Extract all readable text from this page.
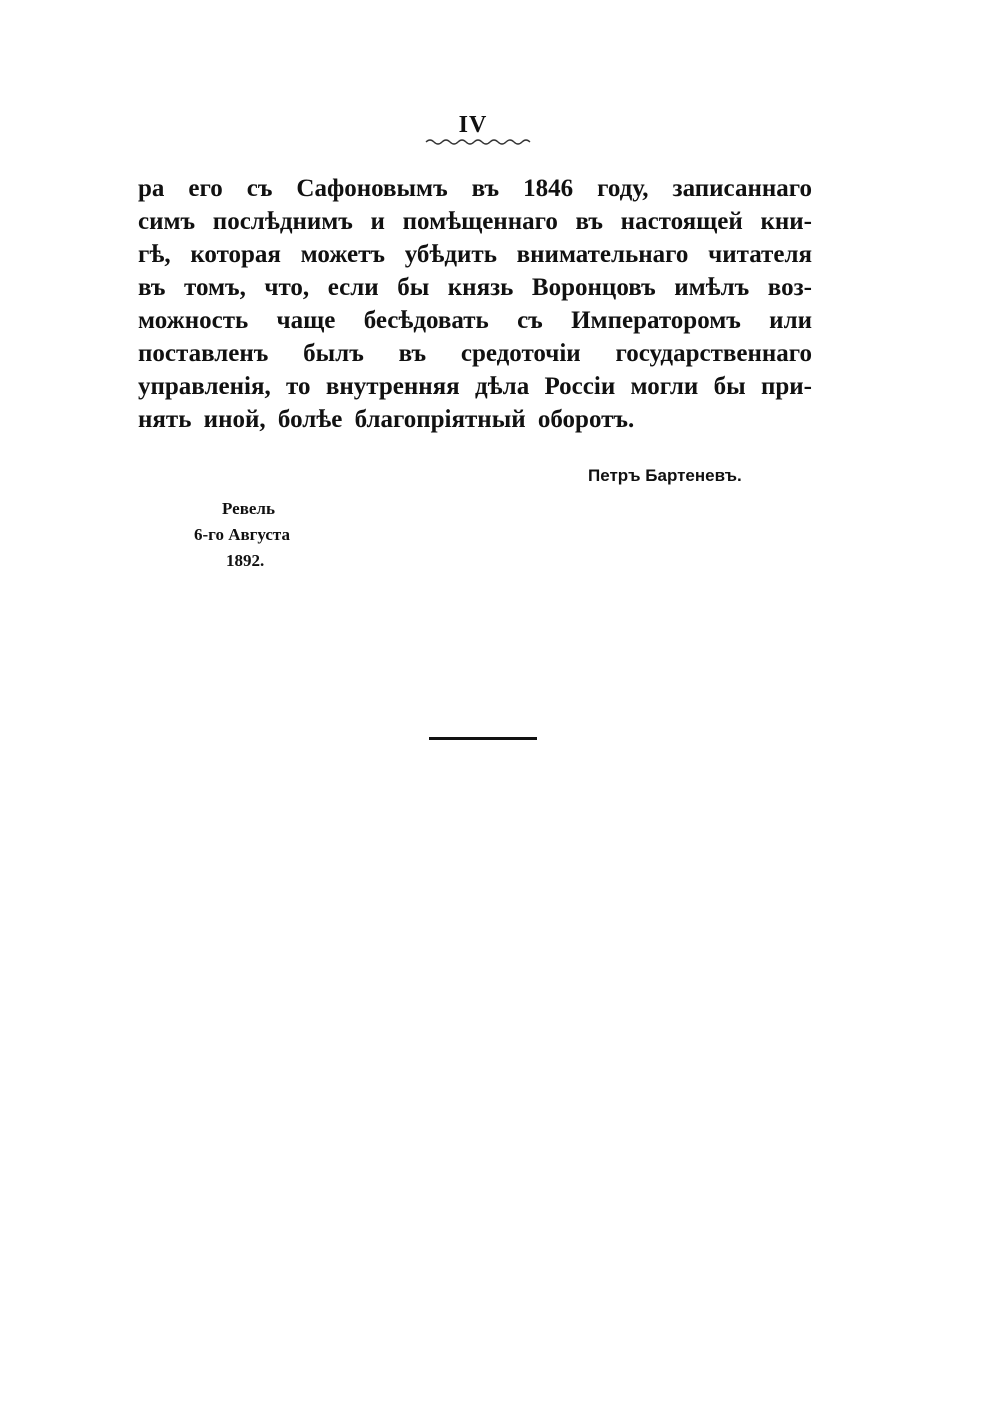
IV
ра его съ Сафоновымъ въ 1846 году, записаннаго
симъ послѣднимъ и помѣщеннаго въ настоящей кни-
гѣ, которая можетъ убѣдить внимательнаго читателя
въ томъ, что, если бы князь Воронцовъ имѣлъ воз-
можность чаще бесѣдовать съ Императоромъ или
поставленъ былъ въ средоточіи государственнаго
управленія, то внутренняя дѣла Россіи могли бы при-
нять иной, болѣе благопріятный оборотъ.
Петръ Бартеневъ.
Ревель
6-го Августа
1892.
